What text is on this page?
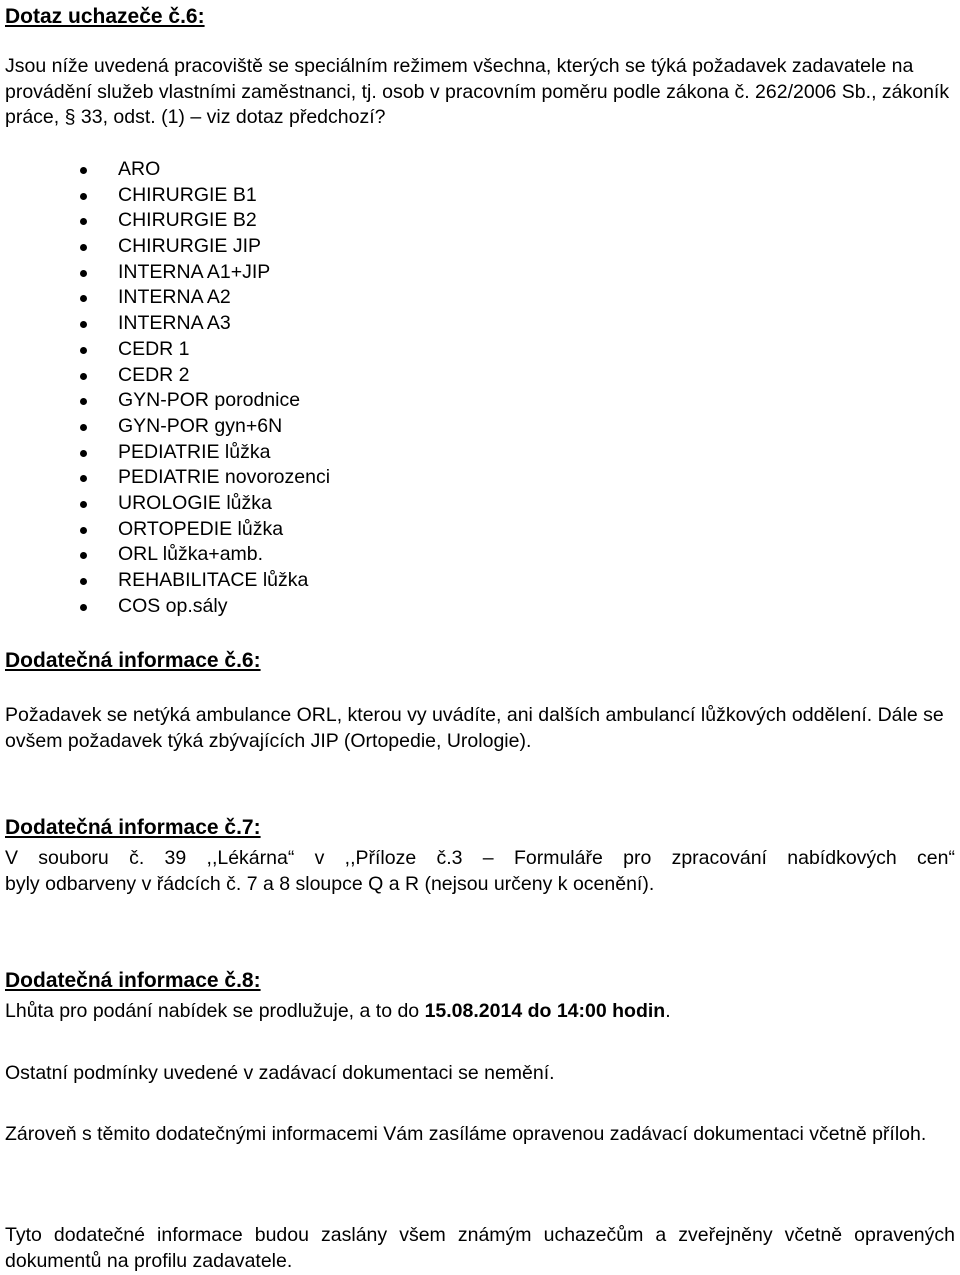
Dotaz uchazeče č.6:

Jsou níže uvedená pracoviště se speciálním režimem všechna, kterých se týká požadavek zadavatele na provádění služeb vlastními zaměstnanci, tj. osob v pracovním poměru podle zákona č. 262/2006 Sb., zákoník práce, § 33, odst. (1) – viz dotaz předchozí?

ARO
CHIRURGIE B1
CHIRURGIE B2
CHIRURGIE JIP
INTERNA A1+JIP
INTERNA A2
INTERNA A3
CEDR 1
CEDR 2
GYN-POR porodnice
GYN-POR gyn+6N
PEDIATRIE lůžka
PEDIATRIE novorozenci
UROLOGIE lůžka
ORTOPEDIE lůžka
ORL lůžka+amb.
REHABILITACE lůžka
COS op.sály
Dodatečná informace č.6:

Požadavek se netýká ambulance ORL, kterou vy uvádíte, ani dalších ambulancí lůžkových oddělení. Dále se ovšem požadavek týká zbývajících JIP (Ortopedie, Urologie).

Dodatečná informace č.7:

V souboru č. 39 ,,Lékárna“ v ,,Příloze č.3 – Formuláře pro zpracování nabídkových cen“
byly odbarveny v řádcích č. 7 a 8 sloupce Q a R (nejsou určeny k ocenění).

Dodatečná informace č.8:

Lhůta pro podání nabídek se prodlužuje, a to do 15.08.2014 do 14:00 hodin.

Ostatní podmínky uvedené v zadávací dokumentaci se nemění.

Zároveň s těmito dodatečnými informacemi Vám zasíláme opravenou zadávací dokumentaci včetně příloh.

Tyto dodatečné informace budou zaslány všem známým uchazečům a zveřejněny včetně opravených dokumentů na profilu zadavatele.
